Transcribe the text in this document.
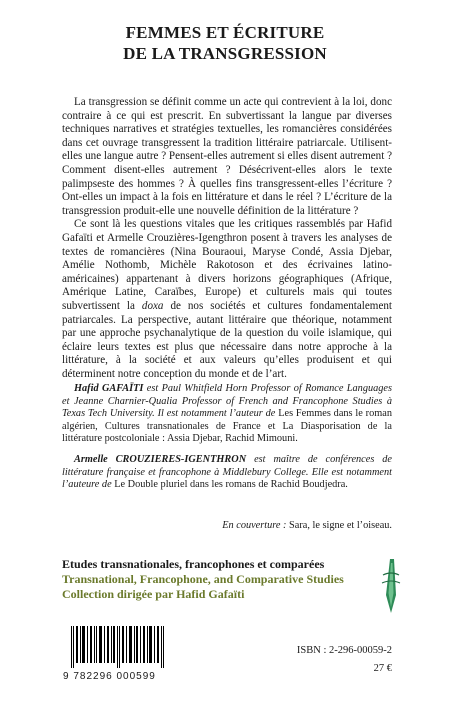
FEMMES ET ÉCRITURE
DE LA TRANSGRESSION

La transgression se définit comme un acte qui contrevient à la loi, donc contraire à ce qui est prescrit. En subvertissant la langue par diverses techniques narratives et stratégies textuelles, les romancières considérées dans cet ouvrage transgressent la tradition littéraire patriarcale. Utilisent-elles une langue autre ? Pensent-elles autrement si elles disent autrement ? Comment disent-elles autrement ? Désécrivent-elles alors le texte palimpseste des hommes ? À quelles fins transgressent-elles l’écriture ? Ont-elles un impact à la fois en littérature et dans le réel ? L’écriture de la transgression produit-elle une nouvelle définition de la littérature ?

Ce sont là les questions vitales que les critiques rassemblés par Hafid Gafaïti et Armelle Crouzières-Igengthron posent à travers les analyses de textes de romancières (Nina Bouraoui, Maryse Condé, Assia Djebar, Amélie Nothomb, Michèle Rakotoson et des écrivaines latino-américaines) appartenant à divers horizons géographiques (Afrique, Amérique Latine, Caraïbes, Europe) et culturels mais qui toutes subvertissent la doxa de nos sociétés et cultures fondamentalement patriarcales. La perspective, autant littéraire que théorique, notamment par une approche psychanalytique de la question du voile islamique, qui éclaire leurs textes est plus que nécessaire dans notre approche à la littérature, à la société et aux valeurs qu’elles produisent et qui déterminent notre conception du monde et de l’art.

Hafid GAFAÏTI est Paul Whitfield Horn Professor of Romance Languages et Jeanne Charnier-Qualia Professor of French and Francophone Studies à Texas Tech University. Il est notamment l’auteur de Les Femmes dans le roman algérien, Cultures transnationales de France et La Diasporisation de la littérature postcoloniale : Assia Djebar, Rachid Mimouni.

Armelle CROUZIERES-IGENTHRON est maître de conférences de littérature française et francophone à Middlebury College. Elle est notamment l’auteure de Le Double pluriel dans les romans de Rachid Boudjedra.

En couverture : Sara, le signe et l’oiseau.
Etudes transnationales, francophones et comparées
Transnational, Francophone, and Comparative Studies
Collection dirigée par Hafid Gafaïti
9 782296 000599
ISBN : 2-296-00059-2
27 €
